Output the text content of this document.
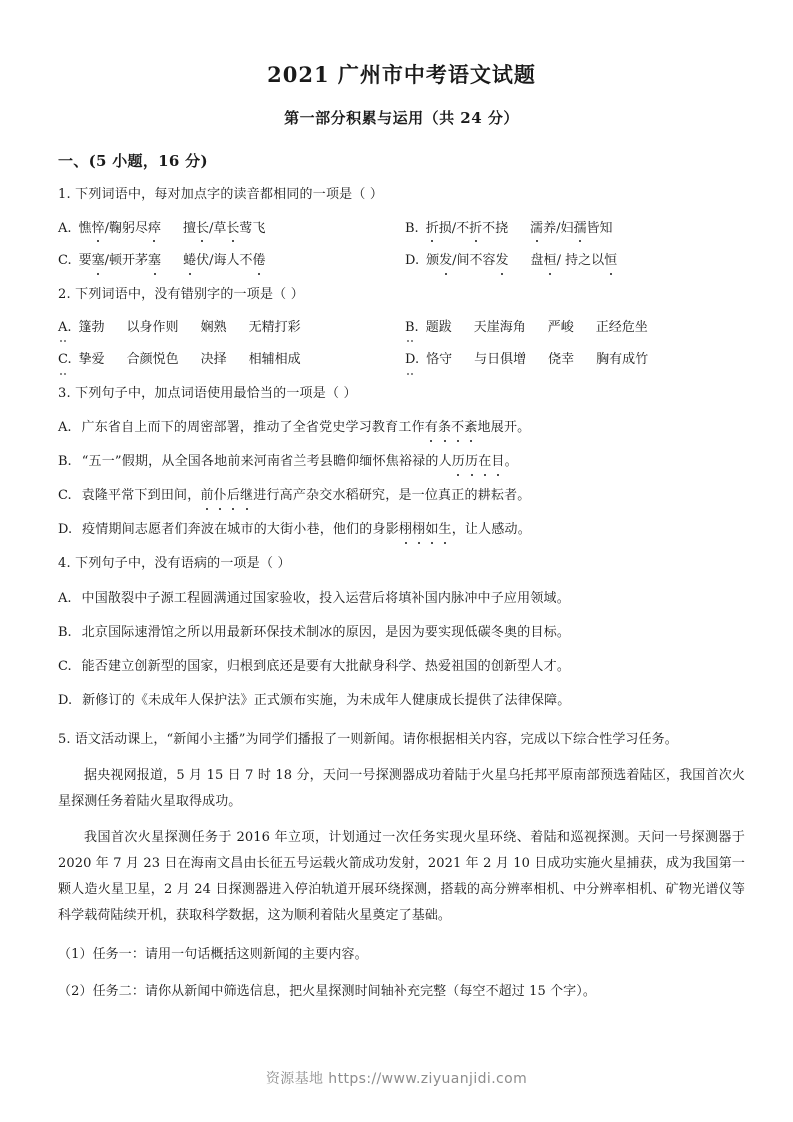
2021 广州市中考语文试题
第一部分积累与运用（共 24 分）
一、(5 小题，16 分)
1. 下列词语中，每对加点字的读音都相同的一项是（ ）
A. 憔悴/鞠躬尽瘁 擅长/草长莺飞	B. 折损/不折不挠 濡养/妇孺皆知
C. 要塞/顿开茅塞 蜷伏/诲人不倦	D. 颁发/间不容发 盘桓/ 持之以恒
2. 下列词语中，没有错别字的一项是（ ）
A. 篷勃 以身作则 娴熟 无精打彩	B. 题跋 天崖海角 严峻 正经危坐
C. 挚爱 合颜悦色 决择 相辅相成	D. 恪守 与日俱增 侥幸 胸有成竹
3. 下列句子中，加点词语使用最恰当的一项是（ ）
A. 广东省自上而下的周密部署，推动了全省党史学习教育工作有条不紊地展开。
B. “五一”假期，从全国各地前来河南省兰考县瞻仰缅怀焦裕禄的人历历在目。
C. 袁隆平常下到田间，前仆后继进行高产杂交水稻研究，是一位真正的耕耘者。
D. 疫情期间志愿者们奔波在城市的大街小巷，他们的身影栩栩如生，让人感动。
4. 下列句子中，没有语病的一项是（ ）
A. 中国散裂中子源工程圆满通过国家验收，投入运营后将填补国内脉冲中子应用领域。
B. 北京国际速滑馆之所以用最新环保技术制冰的原因，是因为要实现低碳冬奥的目标。
C. 能否建立创新型的国家，归根到底还是要有大批献身科学、热爱祖国的创新型人才。
D. 新修订的《未成年人保护法》正式颁布实施，为未成年人健康成长提供了法律保障。
5. 语文活动课上，“新闻小主播”为同学们播报了一则新闻。请你根据相关内容，完成以下综合性学习任务。
据央视网报道，5 月 15 日 7 时 18 分，天问一号探测器成功着陆于火星乌托邦平原南部预选着陆区，我国首次火星探测任务着陆火星取得成功。
我国首次火星探测任务于 2016 年立项，计划通过一次任务实现火星环绕、着陆和巡视探测。天问一号探测器于 2020 年 7 月 23 日在海南文昌由长征五号运载火箭成功发射，2021 年 2 月 10 日成功实施火星捕获，成为我国第一颗人造火星卫星，2 月 24 日探测器进入停泊轨道开展环绕探测，搭载的高分辨率相机、中分辨率相机、矿物光谱仪等科学载荷陆续开机，获取科学数据，这为顺利着陆火星奠定了基础。
（1）任务一：请用一句话概括这则新闻的主要内容。
（2）任务二：请你从新闻中筛选信息，把火星探测时间轴补充完整（每空不超过 15 个字）。
资源基地 https://www.ziyuanjidi.com
